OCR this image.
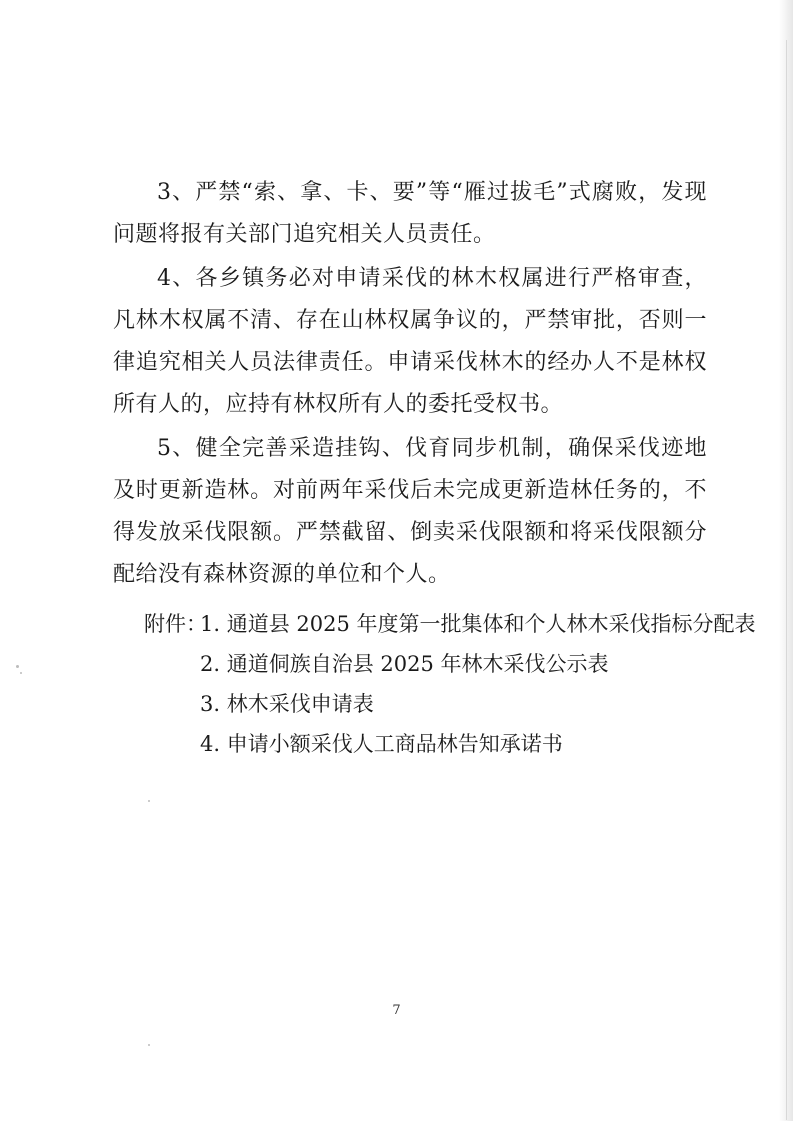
3、严禁“索、拿、卡、要”等“雁过拔毛”式腐败，发现问题将报有关部门追究相关人员责任。

4、各乡镇务必对申请采伐的林木权属进行严格审查，凡林木权属不清、存在山林权属争议的，严禁审批，否则一律追究相关人员法律责任。申请采伐林木的经办人不是林权所有人的，应持有林权所有人的委托受权书。

5、健全完善采造挂钩、伐育同步机制，确保采伐迹地及时更新造林。对前两年采伐后未完成更新造林任务的，不得发放采伐限额。严禁截留、倒卖采伐限额和将采伐限额分配给没有森林资源的单位和个人。

附件：
1. 通道县 2025 年度第一批集体和个人林木采伐指标分配表
2. 通道侗族自治县 2025 年林木采伐公示表
3. 林木采伐申请表
4. 申请小额采伐人工商品林告知承诺书
7
